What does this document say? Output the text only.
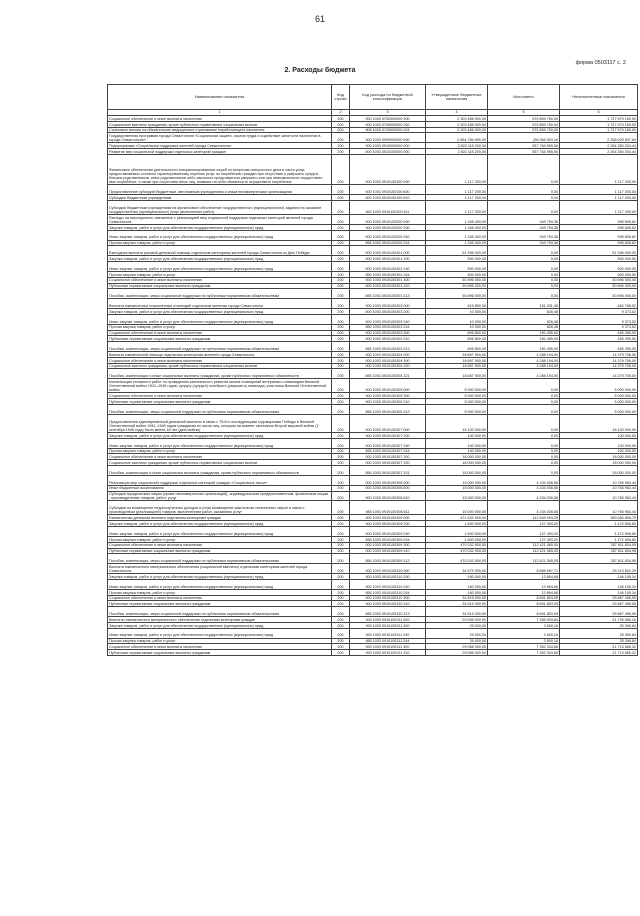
61
форма 0503117 с. 2
2. Расходы бюджета
Наименование показателя	Код строки	Код расхода по бюджетной классификации	Утвержденные бюджетные назначения	Исполнено	Неисполненные назначения
1	2	3	4	5	6
Социальное обеспечение и иные выплаты населению	200	000 1003 0700000000 300	2 303 456 900,00	575 859 750,00	1 727 579 150,00
Социальные выплаты гражданам, кроме публичных нормативных социальных выплат	200	000 1003 0700000000 320	2 303 456 900,00	575 859 750,00	1 727 579 150,00
Страховые взносы на обязательное медицинское страхование неработающего населения	200	808 1003 0720000000 324	2 303 456 900,00	575 859 750,00	1 727 579 150,00
Государственная программа города Севастополя «Социальная защита, охрана труда и содействие занятости населения в городе Севастополе»	200	000 1003 0900000000 000	2 854 784 990,00	(96 364 903,16	2 258 029 847,84
Подпрограмма «Социальная поддержка жителей города Севастополя»	200	000 1003 0910000000 000	2 822 115 200,00	557 764 995,56	2 264 350 204,44
Развитие мер социальной поддержки отдельных категорий граждан	200	000 1003 0910100000 000	2 822 115 200,00	557 764 995,56	2 264 350 204,44
Финансовое обеспечение деятельности специализированных служб по вопросам похоронного дела в части услуг, предоставляемых согласно гарантированному перечню услуг по погребению граждан при отсутствии у умершего супруга, близких родственников, иных родственников либо законного представителя умершего или при невозможности осуществить ими погребение, а также при отсутствии иных лиц, взявших на себя обязанность осуществить погребение	200	000 1003 0910100100 000	1 117 200,00	0,00	1 117 200,00
Предоставление субсидий бюджетным, автономным учреждениям и иным некоммерческим организациям	200	000 1003 0910100100 600	1 117 200,00	0,00	1 117 200,00
Субсидии бюджетным учреждениям	200	000 1003 0910100100 610	1 117 200,00	0,00	1 117 200,00
Субсидии бюджетным учреждениям на финансовое обеспечение государственного (муниципального) задания на оказание государственных (муниципальных) услуг (выполнение работ)	200	842 1003 0910100100 611	1 117 200,00	0,00	1 117 200,00
Расходы на мероприятия, связанные с реализацией мер социальной поддержки отдельных категорий жителей города Севастополя	200	000 1003 0910100200 000	1 345 400,00	349 794,38	995 605,62
Закупка товаров, работ и услуг для обеспечения государственных (муниципальных) нужд	200	000 1003 0910100200 200	1 345 400,00	349 794,38	995 605,62
Иные закупки товаров, работ и услуг для обеспечения государственных (муниципальных) нужд	200	000 1003 0910100200 240	1 345 400,00	349 794,38	995 605,62
Прочая закупка товаров, работ и услуг	200	855 1003 0910100200 244	1 345 400,00	349 794,38	995 605,62
Ежегодная выплата разовой денежной помощи отдельным категориям жителей города Севастополя ко Дню Победы	200	000 1003 0910100301 000	51 396 000,00	0,00	51 396 000,00
Закупка товаров, работ и услуг для обеспечения государственных (муниципальных) нужд	200	000 1003 0910100301 200	500 000,00	0,00	500 000,00
Иные закупки товаров, работ и услуг для обеспечения государственных (муниципальных) нужд	200	000 1003 0910100301 240	500 000,00	0,00	500 000,00
Прочая закупка товаров, работ и услуг	200	855 1003 0910100301 244	500 000,00	0,00	500 000,00
Социальное обеспечение и иные выплаты населению	200	000 1003 0910100301 300	50 896 000,00	0,00	50 896 000,00
Публичные нормативные социальные выплаты гражданам	200	000 1003 0910100301 310	50 896 000,00	0,00	50 896 000,00
Пособия, компенсации, меры социальной поддержки по публичным нормативным обязательствам	200	855 1003 0910100301 313	50 896 000,00	0,00	50 896 000,00
Выплата ежемесячных пожизненных стипендий отдельным жителям города Севастополя	200	000 1003 0910100303 000	615 800,00	151 031,48	464 768,52
Закупка товаров, работ и услуг для обеспечения государственных (муниципальных) нужд	200	000 1003 0910100303 200	10 000,00	626,48	9 373,52
Иные закупки товаров, работ и услуг для обеспечения государственных (муниципальных) нужд	200	000 1003 0910100303 240	10 000,00	626,48	9 373,52
Прочая закупка товаров, работ и услуг	200	855 1003 0910100303 244	10 000,00	626,48	9 373,52
Социальное обеспечение и иные выплаты населению	200	000 1003 0910100303 300	605 800,00	150 405,00	455 395,00
Публичные нормативные социальные выплаты гражданам	200	000 1003 0910100303 310	605 800,00	150 405,00	455 395,00
Пособия, компенсации, меры социальной поддержки по публичным нормативным обязательствам	200	855 1003 0910100303 313	605 800,00	150 405,00	455 395,00
Выплата ежемесячной помощи отдельным категориям жителей города Севастополя	200	000 1003 0910100304 000	18 667 900,00	4 288 194,00	14 379 706,00
Социальное обеспечение и иные выплаты населению	200	000 1003 0910100304 300	18 667 900,00	4 288 194,00	14 379 706,00
Социальные выплаты гражданам, кроме публичных нормативных социальных выплат	200	000 1003 0910100304 320	18 667 900,00	4 288 194,00	14 379 706,00
Пособия, компенсации и иные социальные выплаты гражданам, кроме публичных нормативных обязательств	200	855 1003 0910100304 321	18 667 900,00	4 288 194,00	14 379 706,00
Компенсация стоимости работ по проведению капитального ремонта жилых помещений ветеранам и инвалидам Великой Отечественной войны 1941–1945 годов, супругу (супруге) погибшего (умершего) инвалида, участника Великой Отечественной войны	200	000 1003 0910100305 000	5 000 000,00	0,00	5 000 000,00
Социальное обеспечение и иные выплаты населению	200	000 1003 0910100305 300	5 000 000,00	0,00	5 000 000,00
Публичные нормативные социальные выплаты гражданам	200	000 1003 0910100305 310	5 000 000,00	0,00	5 000 000,00
Пособия, компенсации, меры социальной поддержки по публичным нормативным обязательствам	200	855 1003 0910100305 313	5 000 000,00	0,00	5 000 000,00
Предоставление единовременной денежной выплаты в связи с 75-й и последующими годовщинами Победы в Великой Отечественной войне 1941–1945 годов гражданам из числа лиц, которым на момент окончания Второй мировой войны (2 сентября 1945 года) было менее 18 лет (дети войны)	200	000 1003 0910100307 000	18 100 000,00	0,00	18 100 000,00
Закупка товаров, работ и услуг для обеспечения государственных (муниципальных) нужд	200	000 1003 0910100307 200	100 000,00	0,00	100 000,00
Иные закупки товаров, работ и услуг для обеспечения государственных (муниципальных) нужд	200	000 1003 0910100307 240	100 000,00	0,00	100 000,00
Прочая закупка товаров, работ и услуг	200	855 1003 0910100307 244	100 000,00	0,00	100 000,00
Социальное обеспечение и иные выплаты населению	200	000 1003 0910100307 300	18 000 000,00	0,00	18 000 000,00
Социальные выплаты гражданам, кроме публичных нормативных социальных выплат	200	000 1003 0910100307 320	18 000 000,00	0,00	18 000 000,00
Пособия, компенсации и иные социальные выплаты гражданам, кроме публичных нормативных обязательств	200	855 1003 0910100307 321	18 000 000,00	0,00	18 000 000,00
Реализация мер социальной поддержки отдельных категорий граждан «Социальное такси»	200	000 1003 0910100308 000	15 000 000,00	4 234 036,56	10 765 963,44
Иные бюджетные ассигнования	200	000 1003 0910100308 800	15 000 000,00	4 234 036,56	10 765 963,44
Субсидии юридическим лицам (кроме некоммерческих организаций), индивидуальным предпринимателям, физическим лицам - производителям товаров, работ, услуг	200	000 1003 0910100308 810	15 000 000,00	4 234 036,56	10 765 963,44
Субсидии на возмещение недополученных доходов и (или) возмещение фактически понесенных затрат в связи с производством (реализацией) товаров, выполнением работ, оказанием услуг	200	855 1003 0910100308 811	15 000 000,00	4 234 036,56	10 765 963,44
Ежемесячная денежная выплата отдельным категориям граждан	200	000 1003 0910100309 000	471 632 900,00	112 549 093,25	359 083 806,75
Закупка товаров, работ и услуг для обеспечения государственных (муниципальных) нужд	200	000 1003 0910100309 200	1 600 000,00	127 493,20	1 472 506,80
Иные закупки товаров, работ и услуг для обеспечения государственных (муниципальных) нужд	200	000 1003 0910100309 240	1 600 000,00	127 493,20	1 472 506,80
Прочая закупка товаров, работ и услуг	200	855 1003 0910100309 244	1 600 000,00	127 493,20	1 472 506,80
Социальное обеспечение и иные выплаты населению	200	000 1003 0910100309 300	470 032 900,00	112 421 065,05	357 611 834,95
Публичные нормативные социальные выплаты гражданам	200	000 1003 0910100309 310	470 032 900,00	112 421 065,05	357 611 834,95
Пособия, компенсации, меры социальной поддержки по публичным нормативным обязательствам	200	855 1003 0910100309 313	470 032 900,00	112 421 065,05	357 611 834,95
Выплата ежемесячного материального обеспечения (социальной выплаты) отдельным категориям жителей города Севастополя	200	000 1003 0910100310 000	34 679 300,00	8 665 697,71	26 013 602,29
Закупка товаров, работ и услуг для обеспечения государственных (муниципальных) нужд	200	000 1003 0910100310 200	160 000,00	13 894,66	146 105,34
Иные закупки товаров, работ и услуг для обеспечения государственных (муниципальных) нужд	200	000 1003 0910100310 240	160 000,00	13 894,66	146 105,34
Прочая закупка товаров, работ и услуг	200	855 1003 0910100310 244	160 000,00	13 894,66	146 105,34
Социальное обеспечение и иные выплаты населению	200	000 1003 0910100310 300	34 519 300,00	8 651 803,05	25 867 496,95
Публичные нормативные социальные выплаты гражданам	200	000 1003 0910100310 310	34 519 300,00	8 651 803,05	25 867 496,95
Пособия, компенсации, меры социальной поддержки по публичным нормативным обязательствам	200	855 1003 0910100310 313	34 519 300,00	8 651 803,05	25 867 496,95
Выплаты ежемесячного материального обеспечения отдельным категориям граждан	200	000 1003 0910100311 000	29 095 000,00	7 355 934,84	21 739 065,16
Закупка товаров, работ и услуг для обеспечения государственных (муниципальных) нужд	200	000 1003 0910100311 200	29 000,00	3 600,16	25 399,84
Иные закупки товаров, работ и услуг для обеспечения государственных (муниципальных) нужд	200	000 1003 0910100311 240	29 000,00	3 600,16	25 399,84
Прочая закупка товаров, работ и услуг	200	855 1003 0910100311 244	29 000,00	3 600,16	25 399,84
Социальное обеспечение и иные выплаты населению	200	000 1003 0910100311 300	29 066 000,00	7 352 334,68	21 713 665,32
Публичные нормативные социальные выплаты гражданам	200	000 1003 0910100311 310	29 066 000,00	7 352 334,68	21 713 665,32
